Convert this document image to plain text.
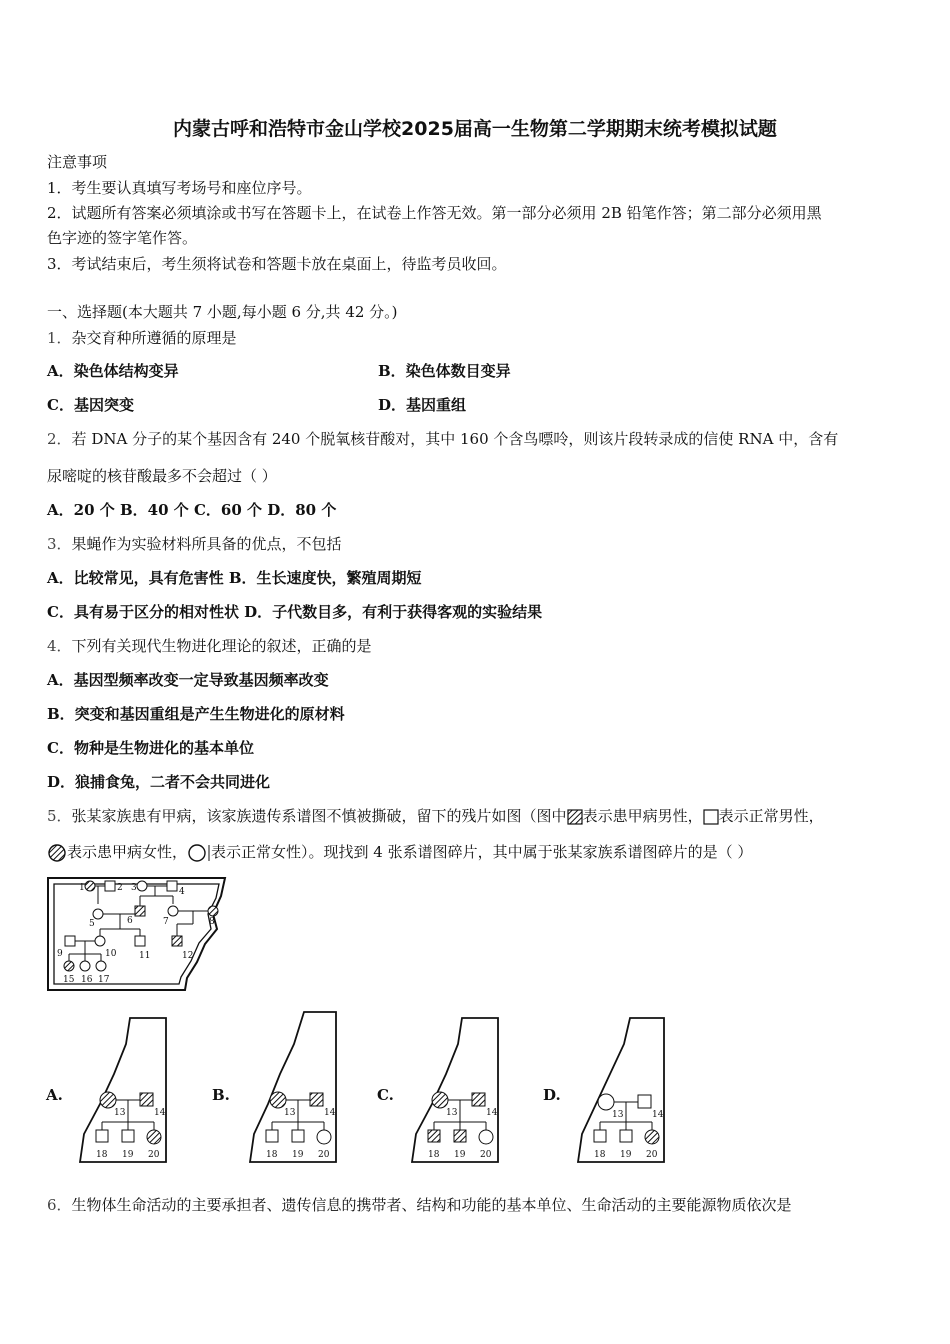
内蒙古呼和浩特市金山学校2025届高一生物第二学期期末统考模拟试题
注意事项
1．考生要认真填写考场号和座位序号。
2．试题所有答案必须填涂或书写在答题卡上，在试卷上作答无效。第一部分必须用 2B 铅笔作答；第二部分必须用黑
色字迹的签字笔作答。
3．考试结束后，考生须将试卷和答题卡放在桌面上，待监考员收回。
一、选择题(本大题共 7 小题,每小题 6 分,共 42 分。)
1．杂交育种所遵循的原理是
A．染色体结构变异	B．染色体数目变异
C．基因突变	D．基因重组
2．若 DNA 分子的某个基因含有 240 个脱氧核苷酸对，其中 160 个含鸟嘌呤，则该片段转录成的信使 RNA 中，含有
尿嘧啶的核苷酸最多不会超过（ ）
A．20 个 B．40 个 C．60 个 D．80 个
3．果蝇作为实验材料所具备的优点，不包括
A．比较常见，具有危害性 B．生长速度快，繁殖周期短
C．具有易于区分的相对性状 D．子代数目多，有利于获得客观的实验结果
4．下列有关现代生物进化理论的叙述，正确的是
A．基因型频率改变一定导致基因频率改变
B．突变和基因重组是产生生物进化的原材料
C．物种是生物进化的基本单位
D．狼捕食兔，二者不会共同进化
5．张某家族患有甲病，该家族遗传系谱图不慎被撕破，留下的残片如图（图中 表示患甲病男性， 表示正常男性，
表示患甲病女性， 表示正常女性）。现找到 4 张系谱图碎片，其中属于张某家族系谱图碎片的是（ ）
1	2 3	4
5	6	7	8
9	10	11	12
15 16 17
A.	B.	C.	D.
13	14
18 19 20
13	14
18 19 20
13	14
18 19 20
13	14
18 19 20
6．生物体生命活动的主要承担者、遗传信息的携带者、结构和功能的基本单位、生命活动的主要能源物质依次是
